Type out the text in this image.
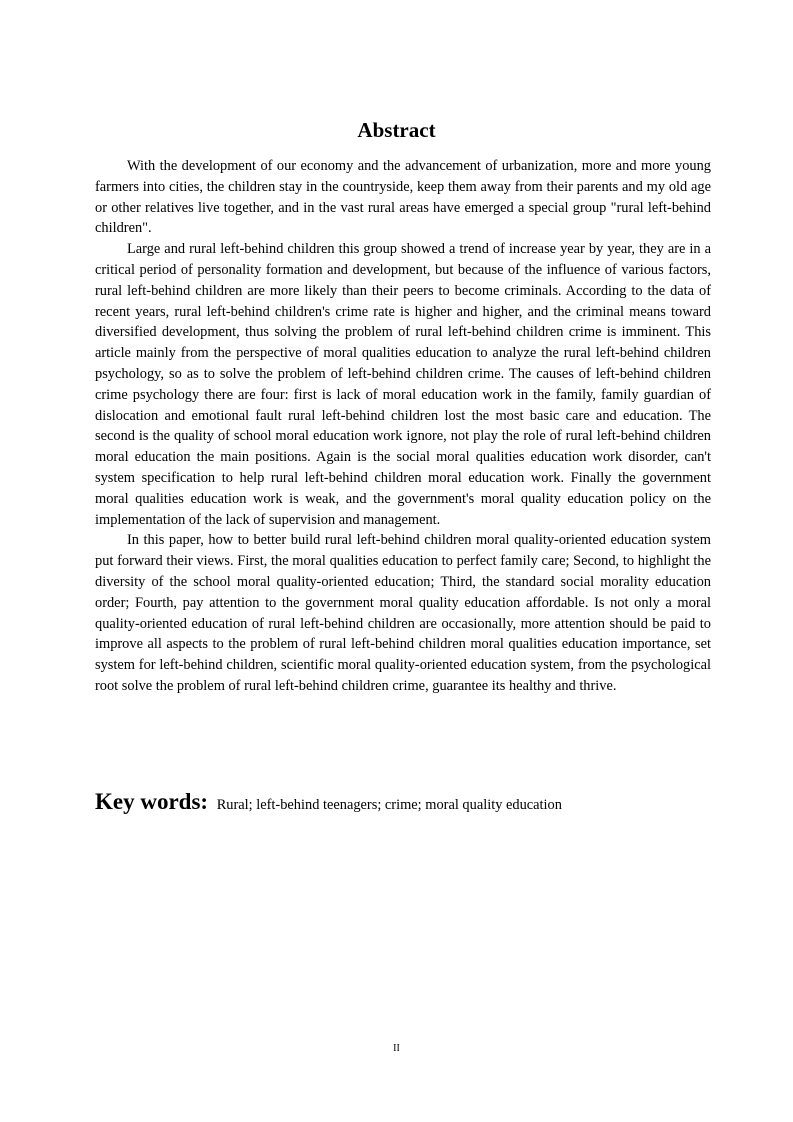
Abstract

With the development of our economy and the advancement of urbanization, more and more young farmers into cities, the children stay in the countryside, keep them away from their parents and my old age or other relatives live together, and in the vast rural areas have emerged a special group "rural left-behind children".

Large and rural left-behind children this group showed a trend of increase year by year, they are in a critical period of personality formation and development, but because of the influence of various factors, rural left-behind children are more likely than their peers to become criminals. According to the data of recent years, rural left-behind children's crime rate is higher and higher, and the criminal means toward diversified development, thus solving the problem of rural left-behind children crime is imminent. This article mainly from the perspective of moral qualities education to analyze the rural left-behind children psychology, so as to solve the problem of left-behind children crime. The causes of left-behind children crime psychology there are four: first is lack of moral education work in the family, family guardian of dislocation and emotional fault rural left-behind children lost the most basic care and education. The second is the quality of school moral education work ignore, not play the role of rural left-behind children moral education the main positions. Again is the social moral qualities education work disorder, can't system specification to help rural left-behind children moral education work. Finally the government moral qualities education work is weak, and the government's moral quality education policy on the implementation of the lack of supervision and management.

In this paper, how to better build rural left-behind children moral quality-oriented education system put forward their views. First, the moral qualities education to perfect family care; Second, to highlight the diversity of the school moral quality-oriented education; Third, the standard social morality education order; Fourth, pay attention to the government moral quality education affordable. Is not only a moral quality-oriented education of rural left-behind children are occasionally, more attention should be paid to improve all aspects to the problem of rural left-behind children moral qualities education importance, set system for left-behind children, scientific moral quality-oriented education system, from the psychological root solve the problem of rural left-behind children crime, guarantee its healthy and thrive.

Key words: Rural; left-behind teenagers; crime; moral quality education
II
